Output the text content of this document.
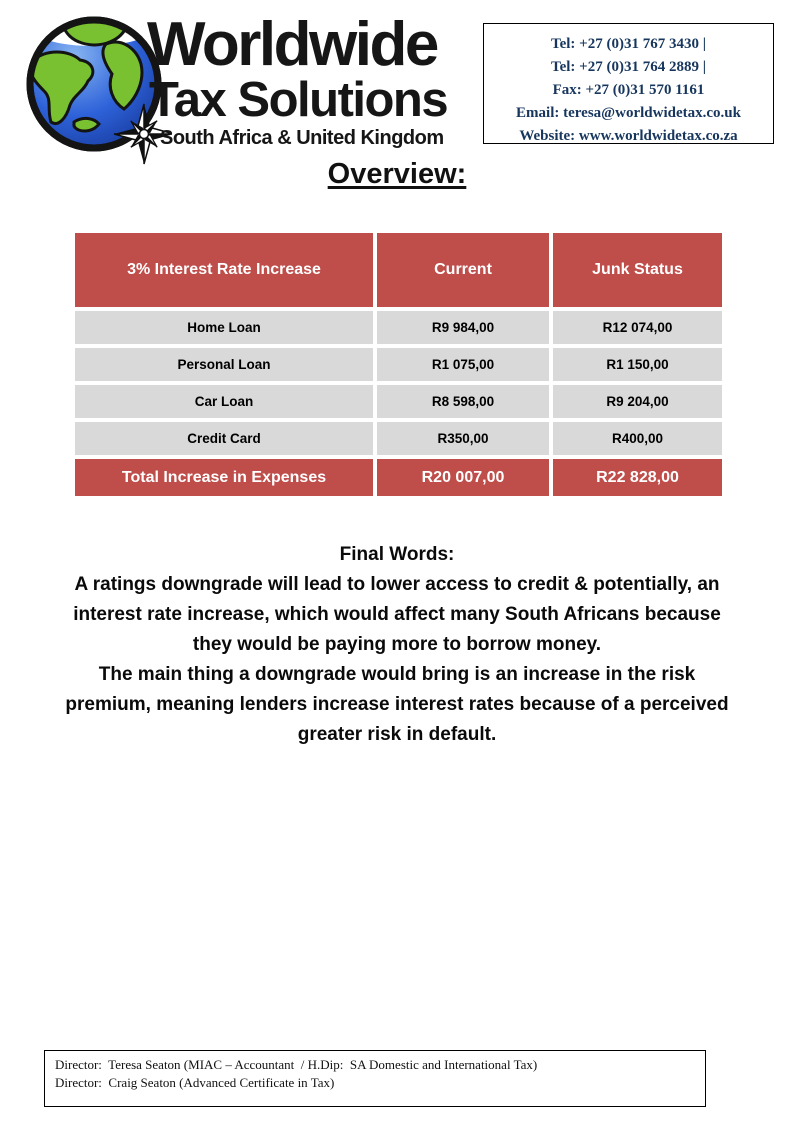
Worldwide
Tax Solutions
South Africa & United Kingdom
Tel: +27 (0)31 767 3430 |
Tel: +27 (0)31 764 2889 |
Fax: +27 (0)31 570 1161
Email: teresa@worldwidetax.co.uk
Website: www.worldwidetax.co.za
Overview:
3% Interest Rate Increase	Current	Junk Status
Home Loan	R9 984,00	R12 074,00
Personal Loan	R1 075,00	R1 150,00
Car Loan	R8 598,00	R9 204,00
Credit Card	R350,00	R400,00
Total Increase in Expenses	R20 007,00	R22 828,00
Final Words:
A ratings downgrade will lead to lower access to credit & potentially, an
interest rate increase, which would affect many South Africans because
they would be paying more to borrow money.
The main thing a downgrade would bring is an increase in the risk
premium, meaning lenders increase interest rates because of a perceived
greater risk in default.
Director:  Teresa Seaton (MIAC – Accountant  / H.Dip:  SA Domestic and International Tax)
Director:  Craig Seaton (Advanced Certificate in Tax)
